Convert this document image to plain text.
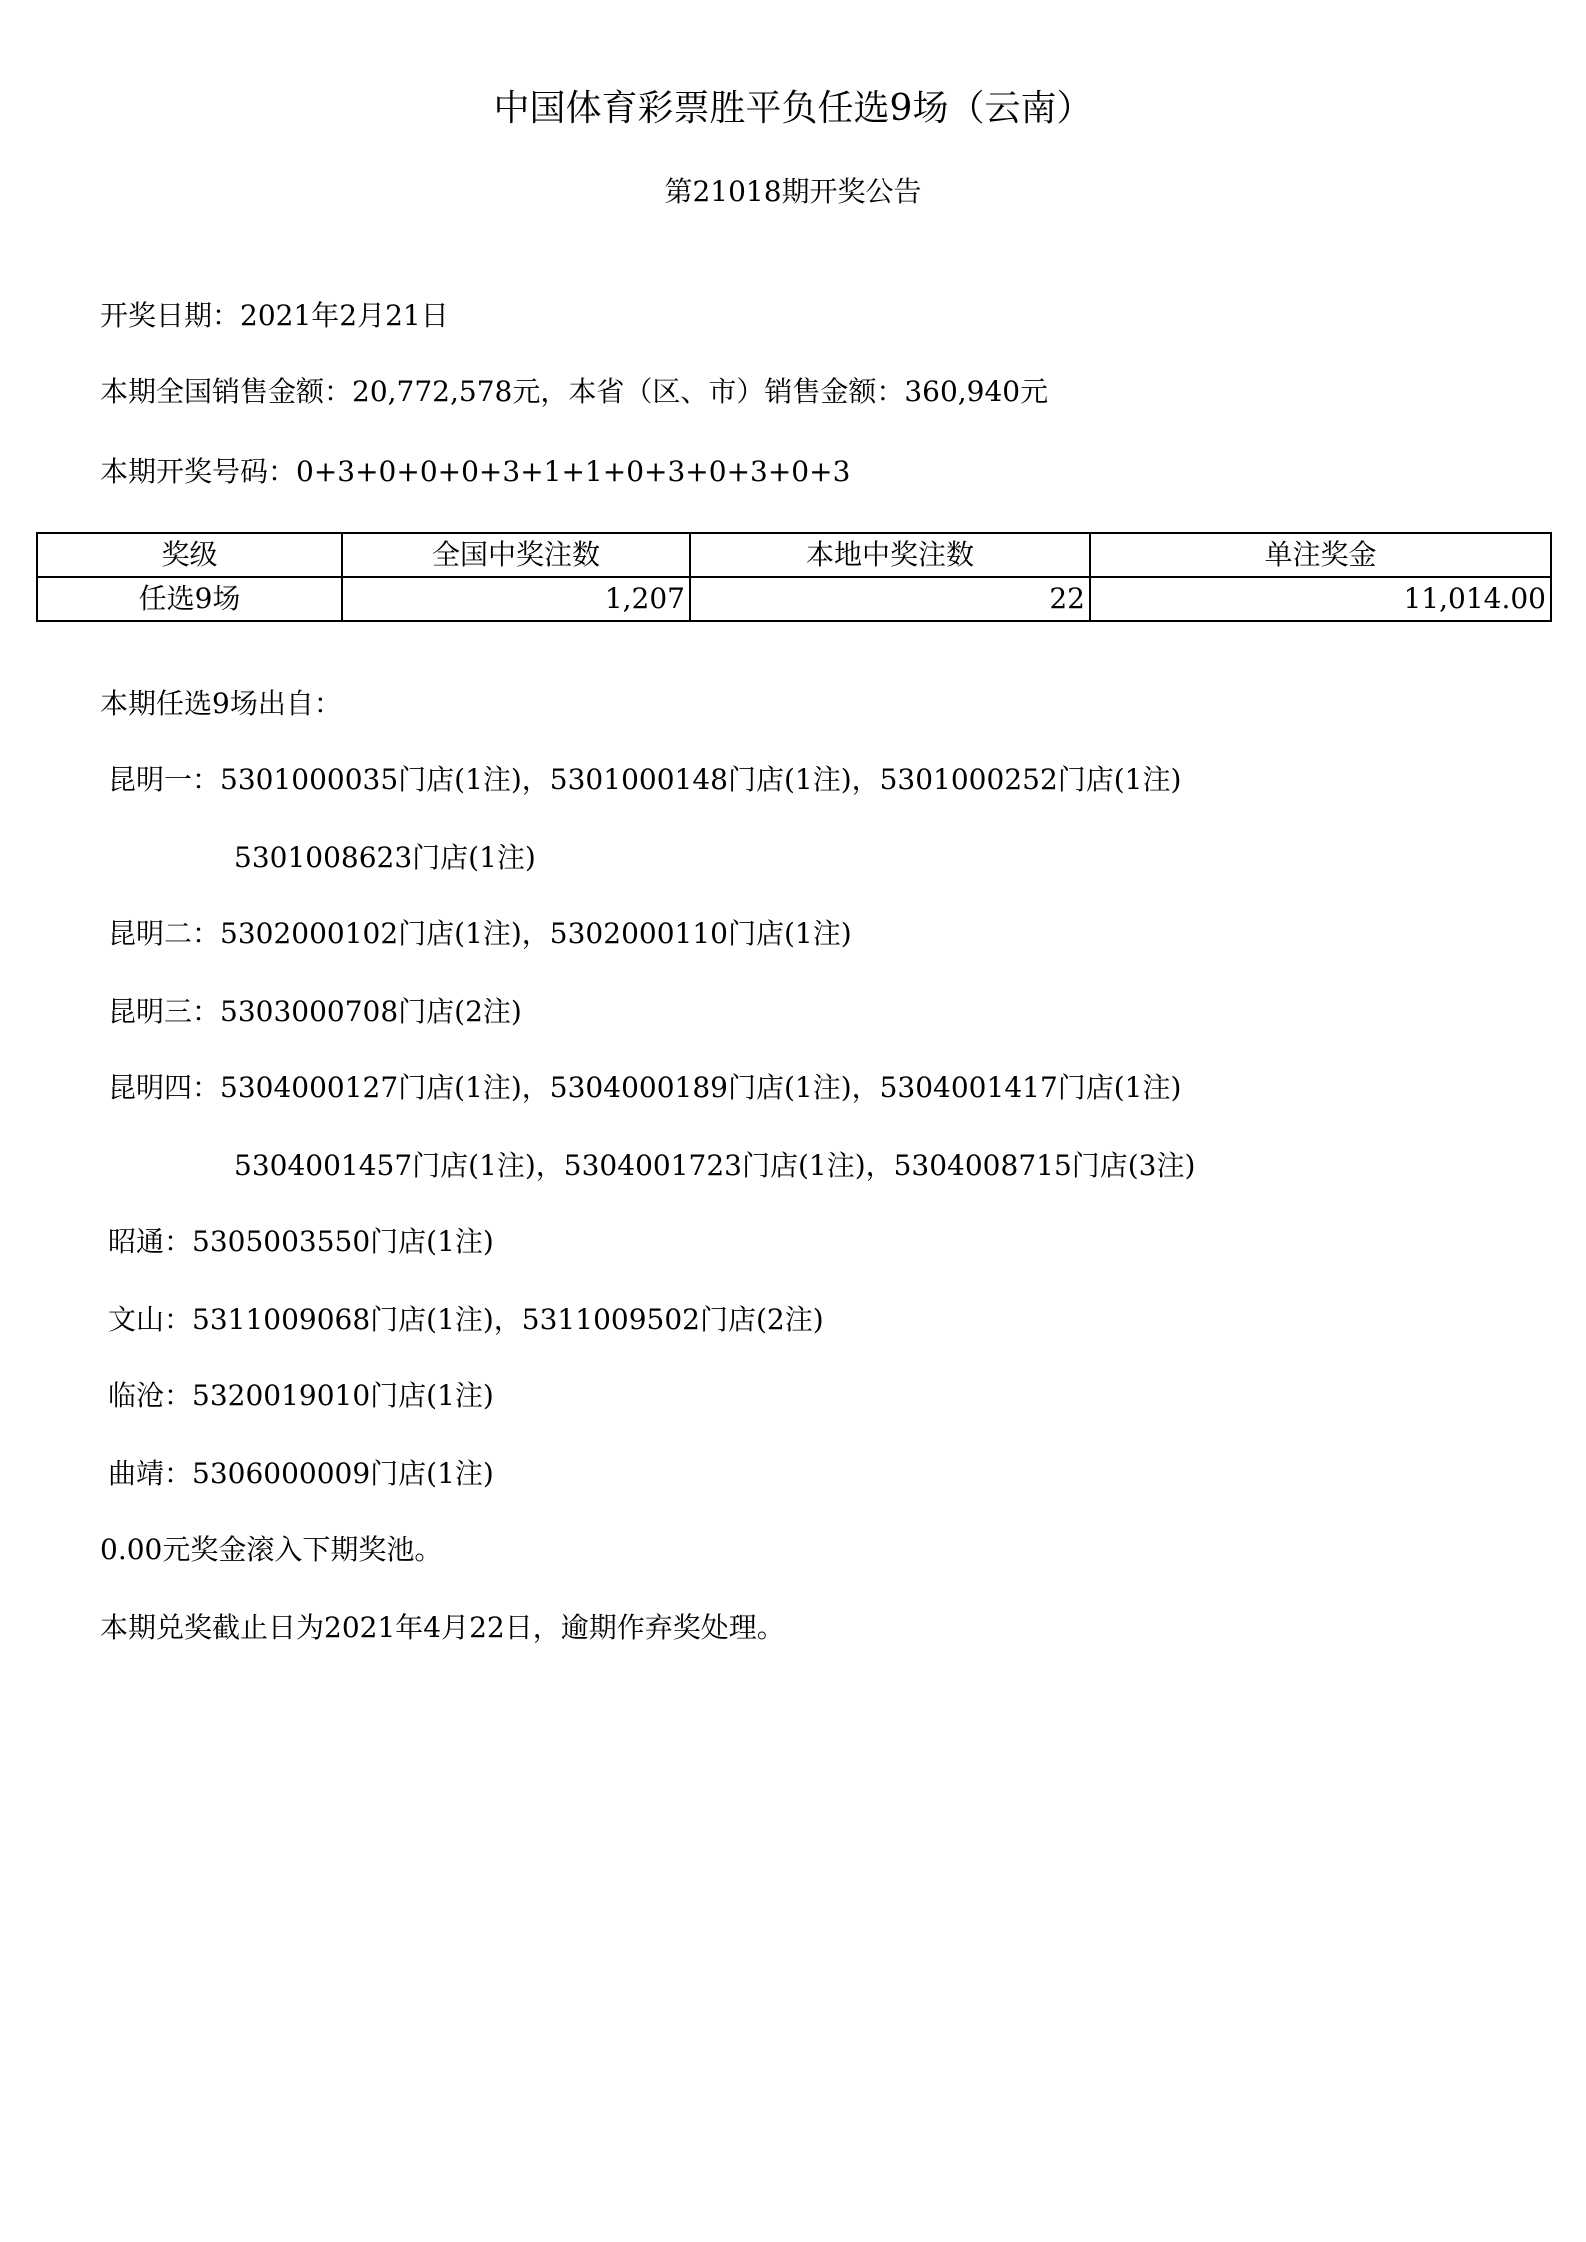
中国体育彩票胜平负任选9场（云南）
第21018期开奖公告
开奖日期：2021年2月21日
本期全国销售金额：20,772,578元，本省（区、市）销售金额：360,940元
本期开奖号码：0+3+0+0+0+3+1+1+0+3+0+3+0+3
奖级	全国中奖注数	本地中奖注数	单注奖金
任选9场	1,207	22	11,014.00
本期任选9场出自：
昆明一：5301000035门店(1注)，5301000148门店(1注)，5301000252门店(1注)
5301008623门店(1注)
昆明二：5302000102门店(1注)，5302000110门店(1注)
昆明三：5303000708门店(2注)
昆明四：5304000127门店(1注)，5304000189门店(1注)，5304001417门店(1注)
5304001457门店(1注)，5304001723门店(1注)，5304008715门店(3注)
昭通：5305003550门店(1注)
文山：5311009068门店(1注)，5311009502门店(2注)
临沧：5320019010门店(1注)
曲靖：5306000009门店(1注)
0.00元奖金滚入下期奖池。
本期兑奖截止日为2021年4月22日，逾期作弃奖处理。
